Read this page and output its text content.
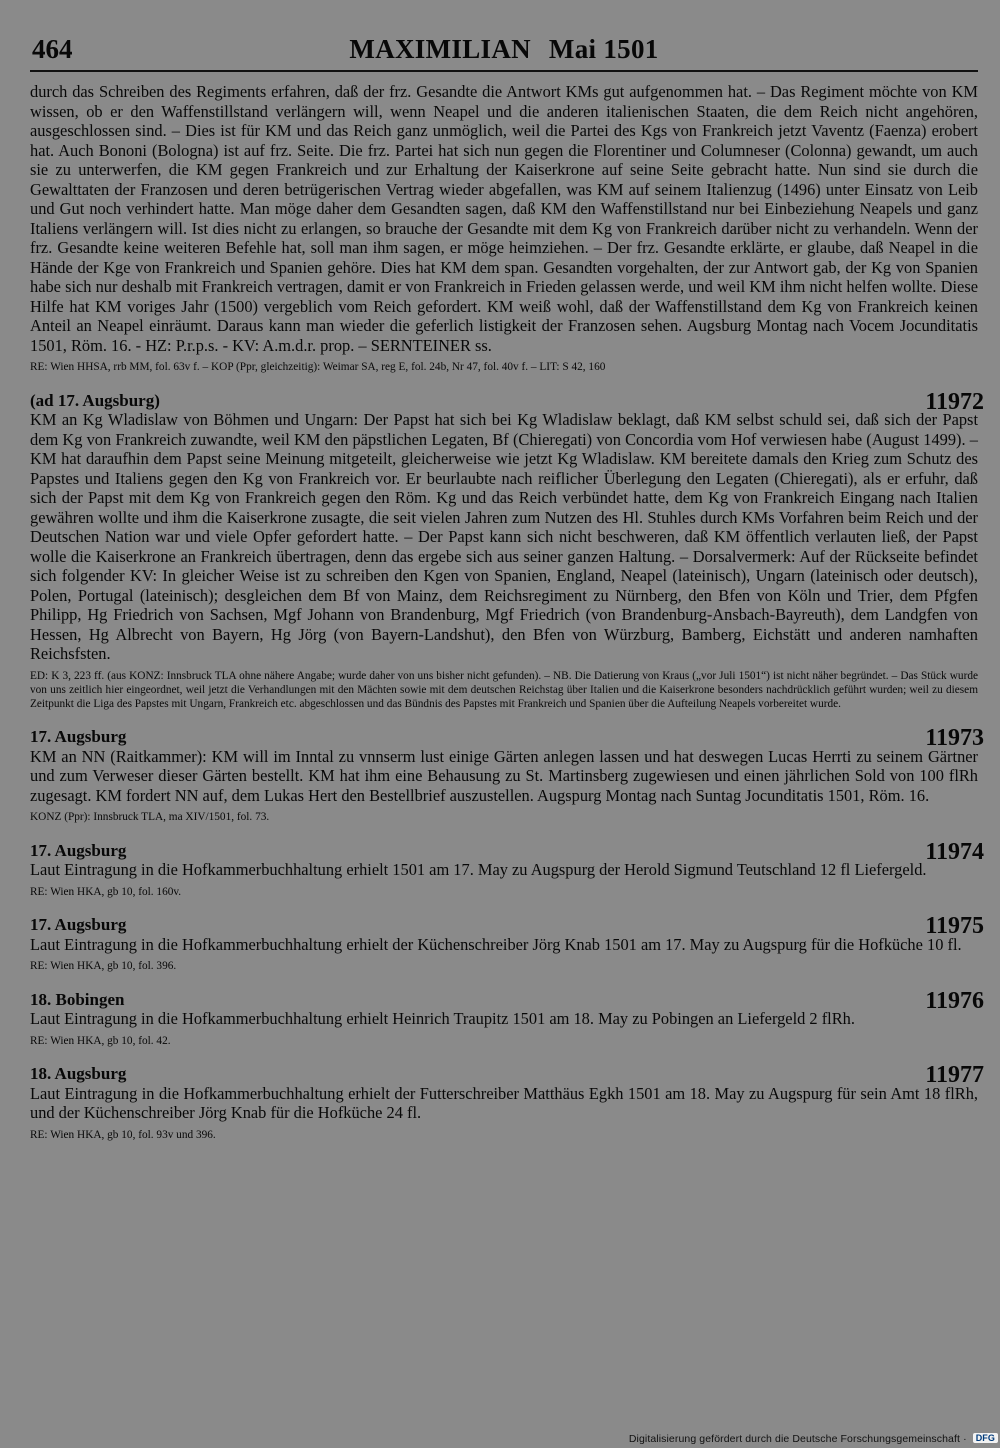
464	MAXIMILIAN Mai 1501

durch das Schreiben des Regiments erfahren, daß der frz. Gesandte die Antwort KMs gut aufgenommen hat. – Das Regiment möchte von KM wissen, ob er den Waffenstillstand verlängern will, wenn Neapel und die anderen italienischen Staaten, die dem Reich nicht angehören, ausgeschlossen sind. – Dies ist für KM und das Reich ganz unmöglich, weil die Partei des Kgs von Frankreich jetzt Vaventz (Faenza) erobert hat. Auch Bononi (Bologna) ist auf frz. Seite. Die frz. Partei hat sich nun gegen die Florentiner und Columneser (Colonna) gewandt, um auch sie zu unterwerfen, die KM gegen Frankreich und zur Erhaltung der Kaiserkrone auf seine Seite gebracht hatte. Nun sind sie durch die Gewalttaten der Franzosen und deren betrügerischen Vertrag wieder abgefallen, was KM auf seinem Italienzug (1496) unter Einsatz von Leib und Gut noch verhindert hatte. Man möge daher dem Gesandten sagen, daß KM den Waffenstillstand nur bei Einbeziehung Neapels und ganz Italiens verlängern will. Ist dies nicht zu erlangen, so brauche der Gesandte mit dem Kg von Frankreich darüber nicht zu verhandeln. Wenn der frz. Gesandte keine weiteren Befehle hat, soll man ihm sagen, er möge heimziehen. – Der frz. Gesandte erklärte, er glaube, daß Neapel in die Hände der Kge von Frankreich und Spanien gehöre. Dies hat KM dem span. Gesandten vorgehalten, der zur Antwort gab, der Kg von Spanien habe sich nur deshalb mit Frankreich vertragen, damit er von Frankreich in Frieden gelassen werde, und weil KM ihm nicht helfen wollte. Diese Hilfe hat KM voriges Jahr (1500) vergeblich vom Reich gefordert. KM weiß wohl, daß der Waffenstillstand dem Kg von Frankreich keinen Anteil an Neapel einräumt. Daraus kann man wieder die geferlich listigkeit der Franzosen sehen. Augsburg Montag nach Vocem Jocunditatis 1501, Röm. 16. - HZ: P.r.p.s. - KV: A.m.d.r. prop. – SERNTEINER ss.

RE: Wien HHSA, rrb MM, fol. 63v f. – KOP (Ppr, gleichzeitig): Weimar SA, reg E, fol. 24b, Nr 47, fol. 40v f. – LIT: S 42, 160
(ad 17. Augsburg)	11972

KM an Kg Wladislaw von Böhmen und Ungarn: Der Papst hat sich bei Kg Wladislaw beklagt, daß KM selbst schuld sei, daß sich der Papst dem Kg von Frankreich zuwandte, weil KM den päpstlichen Legaten, Bf (Chieregati) von Concordia vom Hof verwiesen habe (August 1499). – KM hat daraufhin dem Papst seine Meinung mitgeteilt, gleicherweise wie jetzt Kg Wladislaw. KM bereitete damals den Krieg zum Schutz des Papstes und Italiens gegen den Kg von Frankreich vor. Er beurlaubte nach reiflicher Überlegung den Legaten (Chieregati), als er erfuhr, daß sich der Papst mit dem Kg von Frankreich gegen den Röm. Kg und das Reich verbündet hatte, dem Kg von Frankreich Eingang nach Italien gewähren wollte und ihm die Kaiserkrone zusagte, die seit vielen Jahren zum Nutzen des Hl. Stuhles durch KMs Vorfahren beim Reich und der Deutschen Nation war und viele Opfer gefordert hatte. – Der Papst kann sich nicht beschweren, daß KM öffentlich verlauten ließ, der Papst wolle die Kaiserkrone an Frankreich übertragen, denn das ergebe sich aus seiner ganzen Haltung. – Dorsalvermerk: Auf der Rückseite befindet sich folgender KV: In gleicher Weise ist zu schreiben den Kgen von Spanien, England, Neapel (lateinisch), Ungarn (lateinisch oder deutsch), Polen, Portugal (lateinisch); desgleichen dem Bf von Mainz, dem Reichsregiment zu Nürnberg, den Bfen von Köln und Trier, dem Pfgfen Philipp, Hg Friedrich von Sachsen, Mgf Johann von Brandenburg, Mgf Friedrich (von Brandenburg-Ansbach-Bayreuth), dem Landgfen von Hessen, Hg Albrecht von Bayern, Hg Jörg (von Bayern-Landshut), den Bfen von Würzburg, Bamberg, Eichstätt und anderen namhaften Reichsfsten.

ED: K 3, 223 ff. (aus KONZ: Innsbruck TLA ohne nähere Angabe; wurde daher von uns bisher nicht gefunden). – NB. Die Datierung von Kraus („vor Juli 1501“) ist nicht näher begründet. – Das Stück wurde von uns zeitlich hier eingeordnet, weil jetzt die Verhandlungen mit den Mächten sowie mit dem deutschen Reichstag über Italien und die Kaiserkrone besonders nachdrücklich geführt wurden; weil zu diesem Zeitpunkt die Liga des Papstes mit Ungarn, Frankreich etc. abgeschlossen und das Bündnis des Papstes mit Frankreich und Spanien über die Aufteilung Neapels vorbereitet wurde.
17. Augsburg	11973

KM an NN (Raitkammer): KM will im Inntal zu vnnserm lust einige Gärten anlegen lassen und hat deswegen Lucas Herrti zu seinem Gärtner und zum Verweser dieser Gärten bestellt. KM hat ihm eine Behausung zu St. Martinsberg zugewiesen und einen jährlichen Sold von 100 flRh zugesagt. KM fordert NN auf, dem Lukas Hert den Bestellbrief auszustellen. Augspurg Montag nach Suntag Jocunditatis 1501, Röm. 16.

KONZ (Ppr): Innsbruck TLA, ma XIV/1501, fol. 73.
17. Augsburg	11974

Laut Eintragung in die Hofkammerbuchhaltung erhielt 1501 am 17. May zu Augspurg der Herold Sigmund Teutschland 12 fl Liefergeld.

RE: Wien HKA, gb 10, fol. 160v.
17. Augsburg	11975

Laut Eintragung in die Hofkammerbuchhaltung erhielt der Küchenschreiber Jörg Knab 1501 am 17. May zu Augspurg für die Hofküche 10 fl.

RE: Wien HKA, gb 10, fol. 396.
18. Bobingen	11976

Laut Eintragung in die Hofkammerbuchhaltung erhielt Heinrich Traupitz 1501 am 18. May zu Pobingen an Liefergeld 2 flRh.

RE: Wien HKA, gb 10, fol. 42.
18. Augsburg	11977

Laut Eintragung in die Hofkammerbuchhaltung erhielt der Futterschreiber Matthäus Egkh 1501 am 18. May zu Augspurg für sein Amt 18 flRh, und der Küchenschreiber Jörg Knab für die Hofküche 24 fl.

RE: Wien HKA, gb 10, fol. 93v und 396.
Digitalisierung gefördert durch die Deutsche Forschungsgemeinschaft · DFG
